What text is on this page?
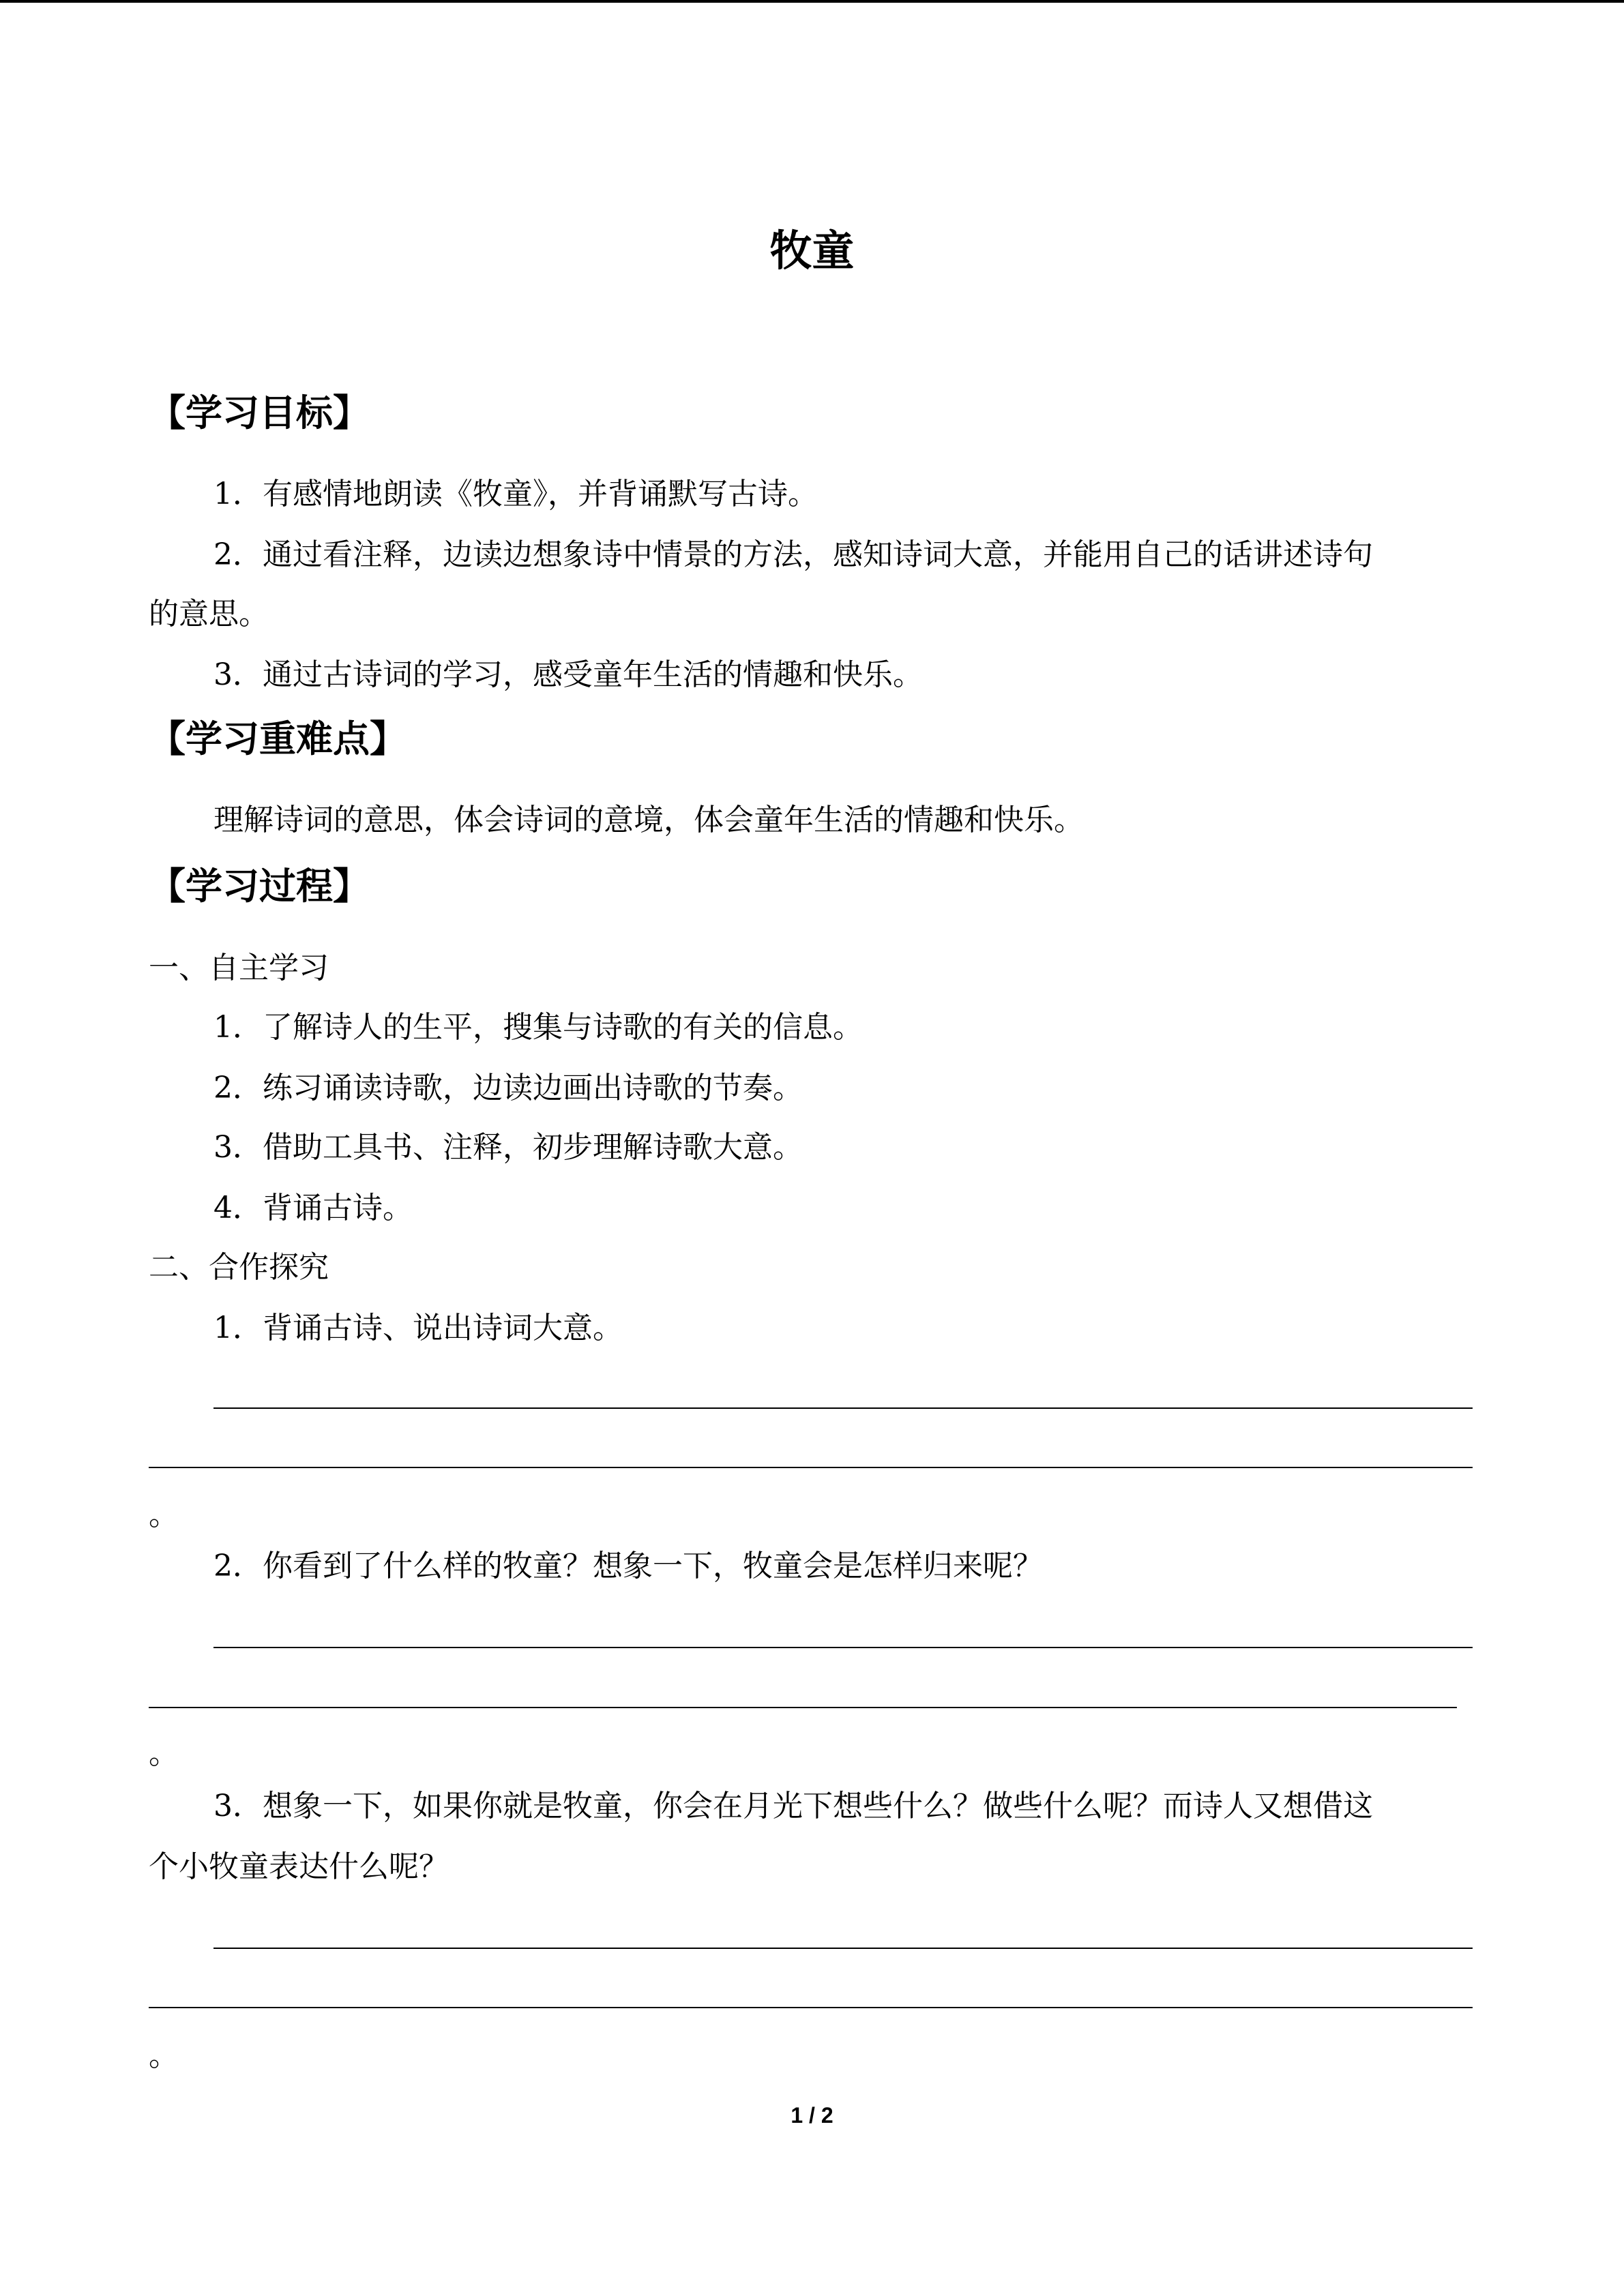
牧童
【学习目标】
1．有感情地朗读《牧童》，并背诵默写古诗。
2．通过看注释，边读边想象诗中情景的方法，感知诗词大意，并能用自己的话讲述诗句
的意思。
3．通过古诗词的学习，感受童年生活的情趣和快乐。
【学习重难点】
理解诗词的意思，体会诗词的意境，体会童年生活的情趣和快乐。
【学习过程】
一、自主学习
1．了解诗人的生平，搜集与诗歌的有关的信息。
2．练习诵读诗歌，边读边画出诗歌的节奏。
3．借助工具书、注释，初步理解诗歌大意。
4．背诵古诗。
二、合作探究
1．背诵古诗、说出诗词大意。
。
2．你看到了什么样的牧童？想象一下，牧童会是怎样归来呢？
。
3．想象一下，如果你就是牧童，你会在月光下想些什么？做些什么呢？而诗人又想借这
个小牧童表达什么呢？
。
1 / 2
